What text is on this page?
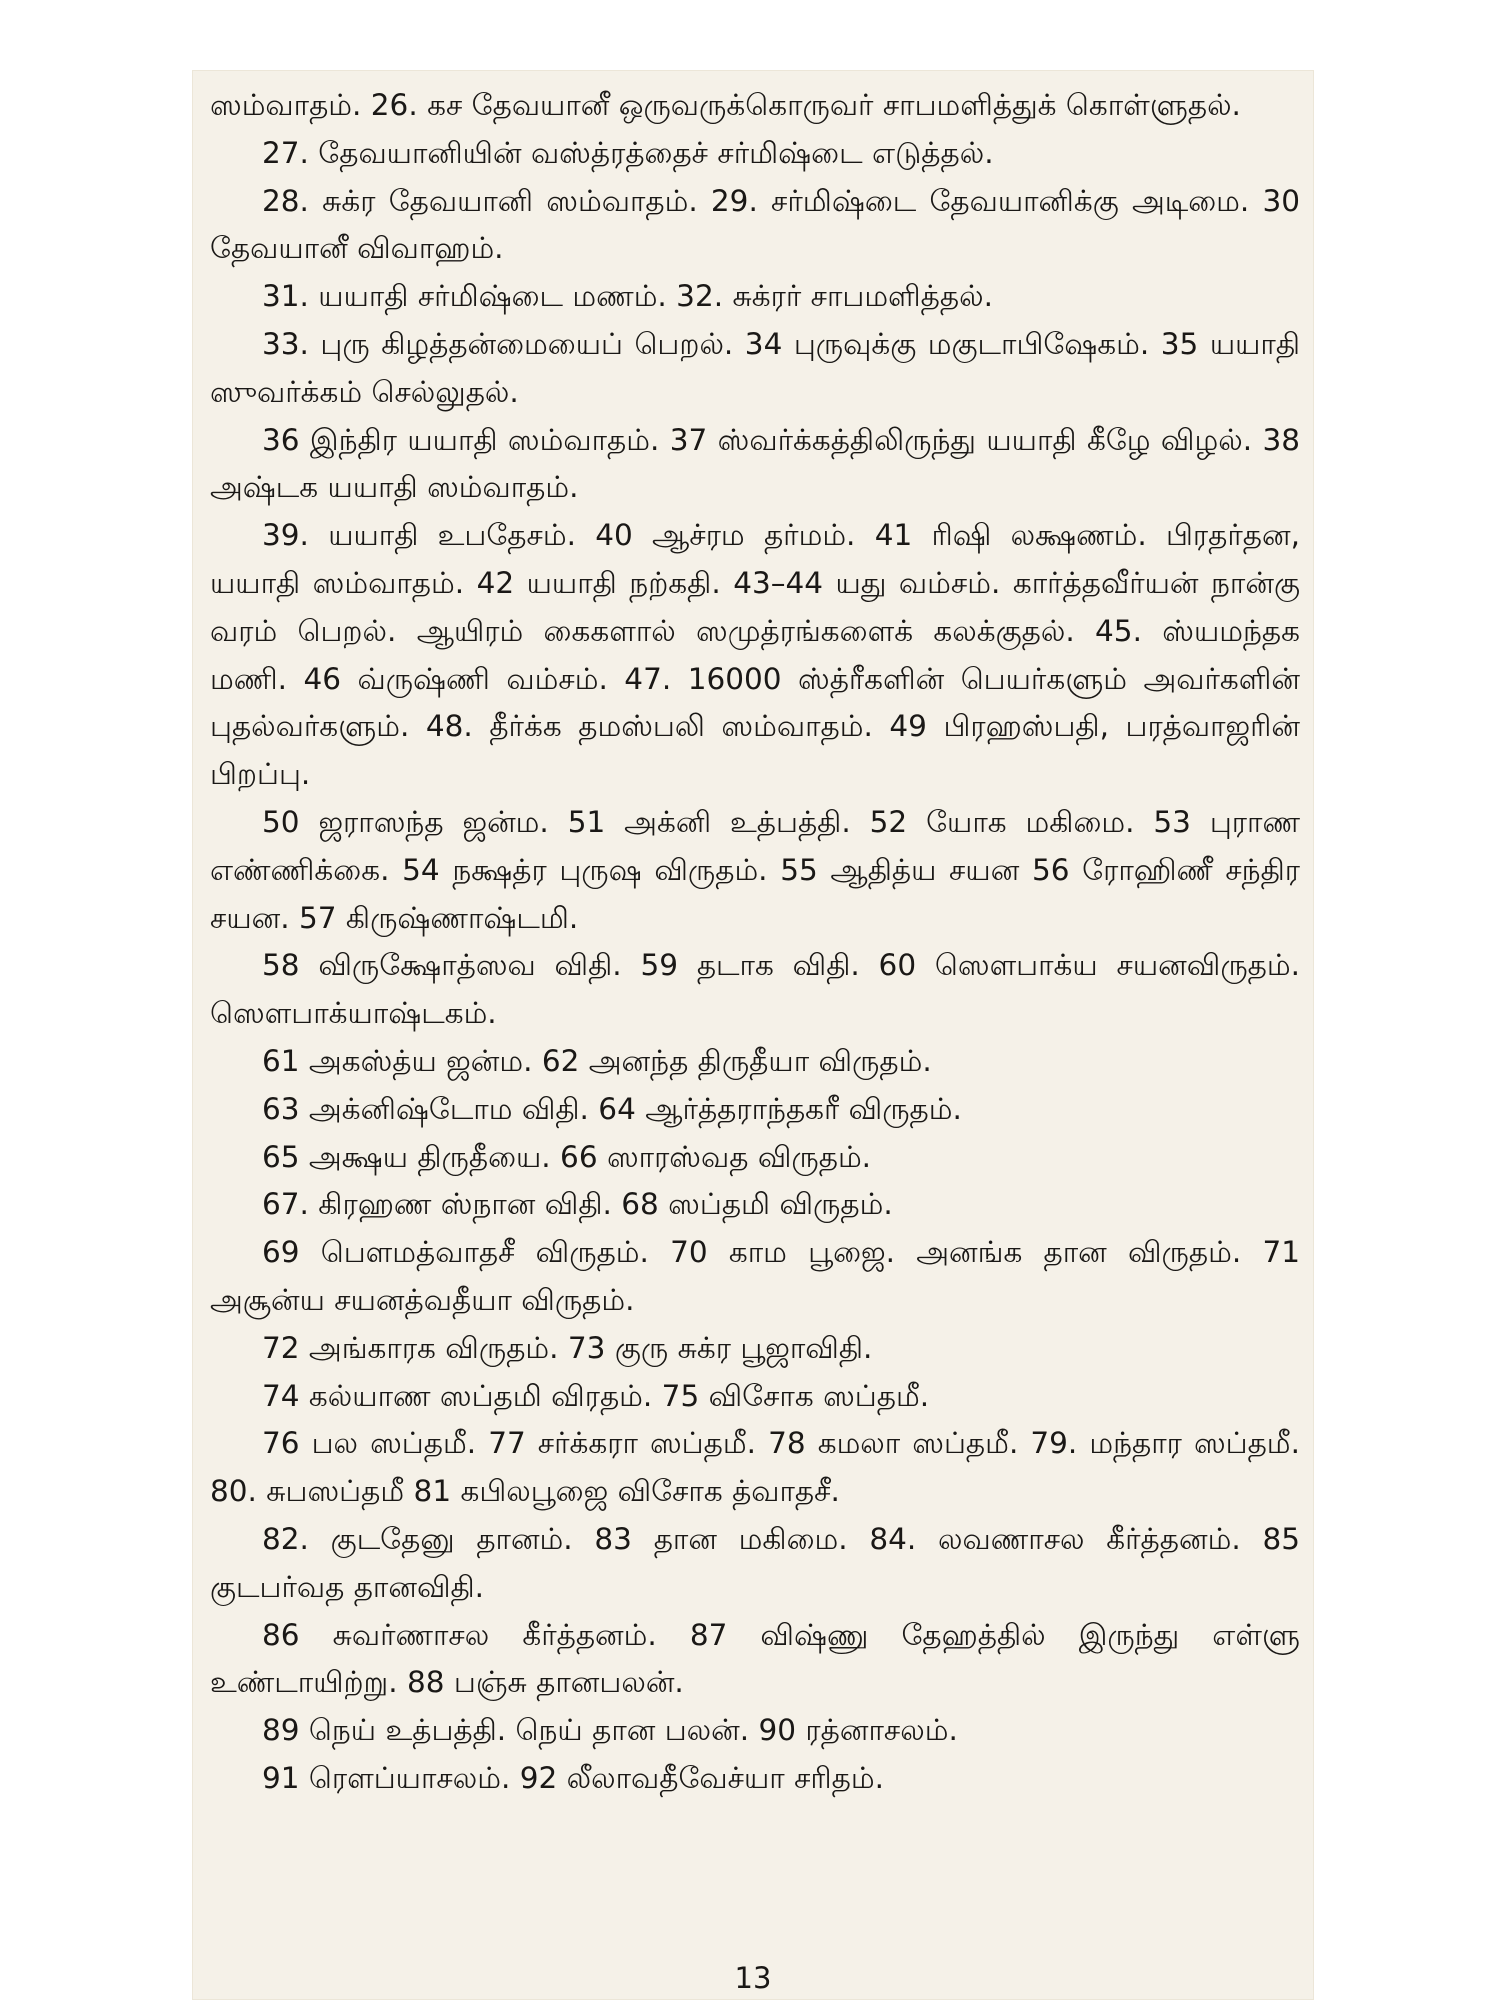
ஸம்வாதம். 26. கச தேவயானீ ஒருவருக்கொருவர் சாபமளித்துக் கொள்ளுதல்.

27. தேவயானியின் வஸ்த்ரத்தைச் சர்மிஷ்டை எடுத்தல்.

28. சுக்ர தேவயானி ஸம்வாதம். 29. சர்மிஷ்டை தேவயானிக்கு அடிமை. 30 தேவயானீ விவாஹம்.

31. யயாதி சர்மிஷ்டை மணம். 32. சுக்ரர் சாபமளித்தல்.

33. புரு கிழத்தன்மையைப் பெறல். 34 புருவுக்கு மகுடாபிஷேகம். 35 யயாதி ஸுவர்க்கம் செல்லுதல்.

36 இந்திர யயாதி ஸம்வாதம். 37 ஸ்வர்க்கத்திலிருந்து யயாதி கீழே விழல். 38 அஷ்டக யயாதி ஸம்வாதம்.

39. யயாதி உபதேசம். 40 ஆச்ரம தர்மம். 41 ரிஷி லக்ஷணம். பிரதர்தன, யயாதி ஸம்வாதம். 42 யயாதி நற்கதி. 43–44 யது வம்சம். கார்த்தவீர்யன் நான்கு வரம் பெறல். ஆயிரம் கைகளால் ஸமுத்ரங்களைக் கலக்குதல். 45. ஸ்யமந்தக மணி. 46 வ்ருஷ்ணி வம்சம். 47. 16000 ஸ்த்ரீகளின் பெயர்களும் அவர்களின் புதல்வர்களும். 48. தீர்க்க தமஸ்பலி ஸம்வாதம். 49 பிரஹஸ்பதி, பரத்வாஜரின் பிறப்பு.

50 ஜராஸந்த ஜன்ம. 51 அக்னி உத்பத்தி. 52 யோக மகிமை. 53 புராண எண்ணிக்கை. 54 நக்ஷத்ர புருஷ விருதம். 55 ஆதித்ய சயன 56 ரோஹிணீ சந்திர சயன. 57 கிருஷ்ணாஷ்டமி.

58 விருக்ஷோத்ஸவ விதி. 59 தடாக விதி. 60 ஸௌபாக்ய சயனவிருதம். ஸௌபாக்யாஷ்டகம்.

61 அகஸ்த்ய ஜன்ம. 62 அனந்த திருதீயா விருதம்.

63 அக்னிஷ்டோம விதி. 64 ஆர்த்தராந்தகரீ விருதம்.

65 அக்ஷய திருதீயை. 66 ஸாரஸ்வத விருதம்.

67. கிரஹண ஸ்நான விதி. 68 ஸப்தமி விருதம்.

69 பௌமத்வாதசீ விருதம். 70 காம பூஜை. அனங்க தான விருதம். 71 அசூன்ய சயனத்வதீயா விருதம்.

72 அங்காரக விருதம். 73 குரு சுக்ர பூஜாவிதி.

74 கல்யாண ஸப்தமி விரதம். 75 விசோக ஸப்தமீ.

76 பல ஸப்தமீ. 77 சர்க்கரா ஸப்தமீ. 78 கமலா ஸப்தமீ. 79. மந்தார ஸப்தமீ. 80. சுபஸப்தமீ 81 கபிலபூஜை விசோக த்வாதசீ.

82. குடதேனு தானம். 83 தான மகிமை. 84. லவணாசல கீர்த்தனம். 85 குடபர்வத தானவிதி.

86 சுவர்ணாசல கீர்த்தனம். 87 விஷ்ணு தேஹத்தில் இருந்து எள்ளு உண்டாயிற்று. 88 பஞ்சு தானபலன்.

89 நெய் உத்பத்தி. நெய் தான பலன். 90 ரத்னாசலம்.

91 ரௌப்யாசலம். 92 லீலாவதீவேச்யா சரிதம்.

13
